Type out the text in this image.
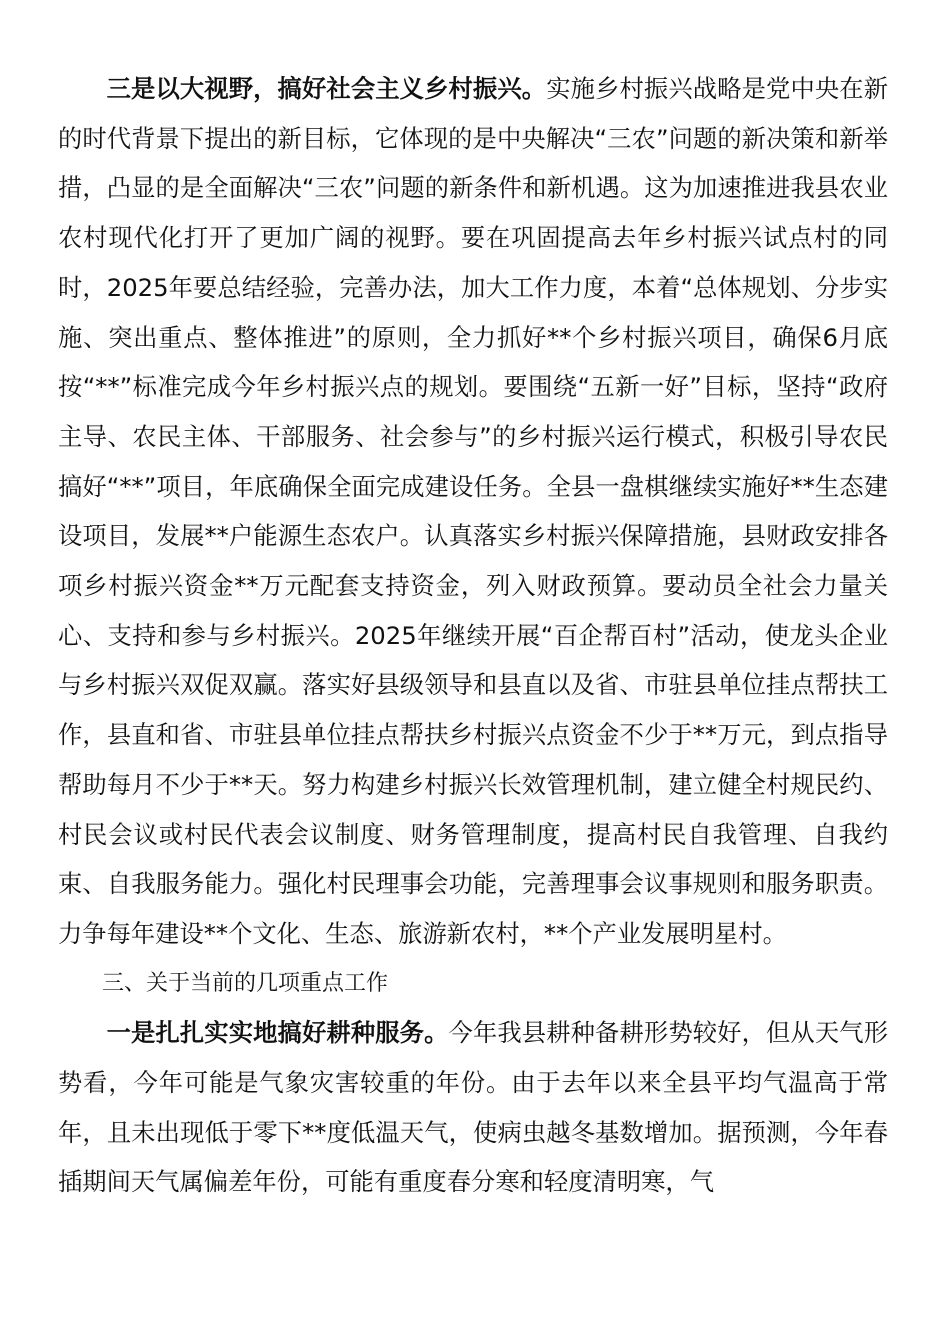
三是以大视野，搞好社会主义乡村振兴。实施乡村振兴战略是党中央在新的时代背景下提出的新目标，它体现的是中央解决“三农”问题的新决策和新举措，凸显的是全面解决“三农”问题的新条件和新机遇。这为加速推进我县农业农村现代化打开了更加广阔的视野。要在巩固提高去年乡村振兴试点村的同时，2025年要总结经验，完善办法，加大工作力度，本着“总体规划、分步实施、突出重点、整体推进”的原则，全力抓好**个乡村振兴项目，确保6月底按“**”标准完成今年乡村振兴点的规划。要围绕“五新一好”目标，坚持“政府主导、农民主体、干部服务、社会参与”的乡村振兴运行模式，积极引导农民搞好“**”项目，年底确保全面完成建设任务。全县一盘棋继续实施好**生态建设项目，发展**户能源生态农户。认真落实乡村振兴保障措施，县财政安排各项乡村振兴资金**万元配套支持资金，列入财政预算。要动员全社会力量关心、支持和参与乡村振兴。2025年继续开展“百企帮百村”活动，使龙头企业与乡村振兴双促双赢。落实好县级领导和县直以及省、市驻县单位挂点帮扶工作，县直和省、市驻县单位挂点帮扶乡村振兴点资金不少于**万元，到点指导帮助每月不少于**天。努力构建乡村振兴长效管理机制，建立健全村规民约、村民会议或村民代表会议制度、财务管理制度，提高村民自我管理、自我约束、自我服务能力。强化村民理事会功能，完善理事会议事规则和服务职责。力争每年建设**个文化、生态、旅游新农村，**个产业发展明星村。

三、关于当前的几项重点工作

一是扎扎实实地搞好耕种服务。今年我县耕种备耕形势较好，但从天气形势看，今年可能是气象灾害较重的年份。由于去年以来全县平均气温高于常年，且未出现低于零下**度低温天气，使病虫越冬基数增加。据预测，今年春插期间天气属偏差年份，可能有重度春分寒和轻度清明寒，气
